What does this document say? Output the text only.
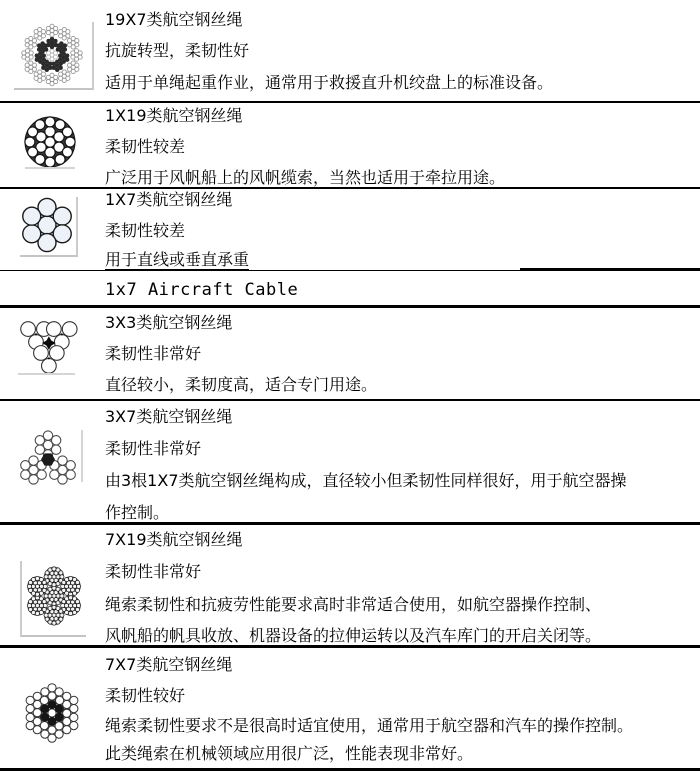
19X7类航空钢丝绳
抗旋转型，柔韧性好
适用于单绳起重作业，通常用于救援直升机绞盘上的标准设备。
1X19类航空钢丝绳
柔韧性较差
广泛用于风帆船上的风帆缆索，当然也适用于牵拉用途。
1X7类航空钢丝绳
柔韧性较差
用于直线或垂直承重
1x7 Aircraft Cable
3X3类航空钢丝绳
柔韧性非常好
直径较小，柔韧度高，适合专门用途。
3X7类航空钢丝绳
柔韧性非常好
由3根1X7类航空钢丝绳构成，直径较小但柔韧性同样很好，用于航空器操
作控制。
7X19类航空钢丝绳
柔韧性非常好
绳索柔韧性和抗疲劳性能要求高时非常适合使用，如航空器操作控制、
风帆船的帆具收放、机器设备的拉伸运转以及汽车库门的开启关闭等。
7X7类航空钢丝绳
柔韧性较好
绳索柔韧性要求不是很高时适宜使用，通常用于航空器和汽车的操作控制。
此类绳索在机械领域应用很广泛，性能表现非常好。
